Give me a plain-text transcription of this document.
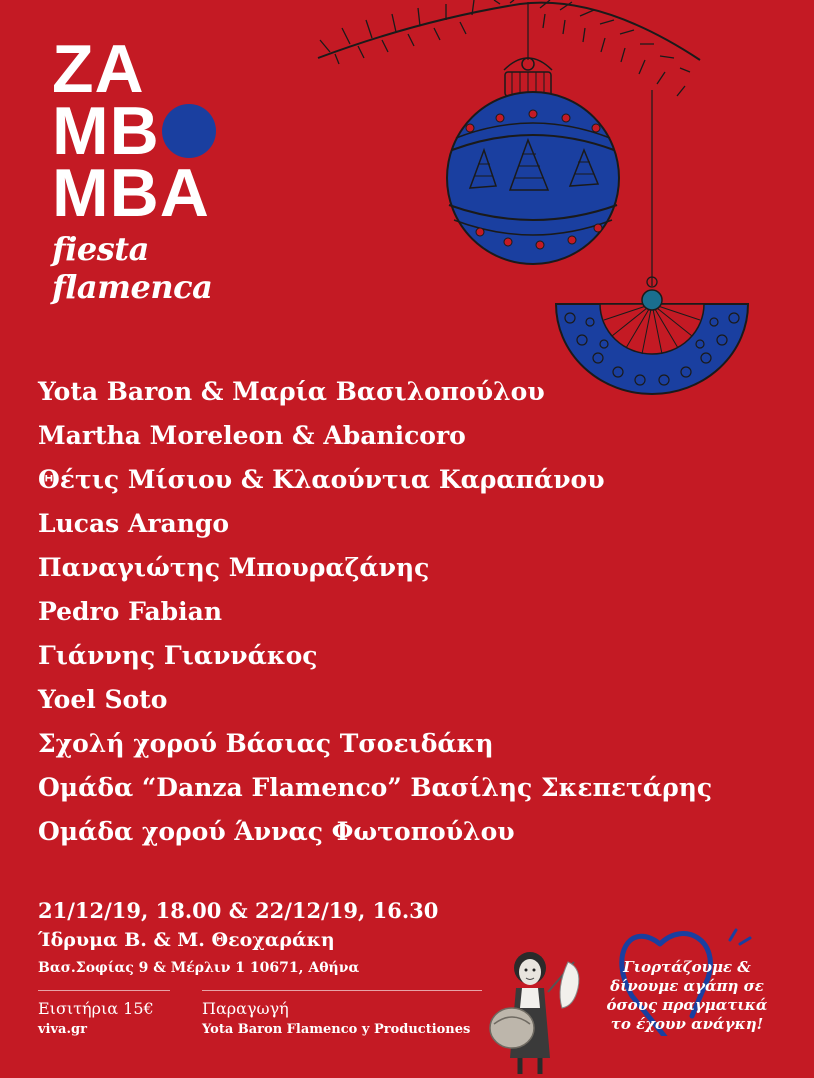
ZA
MB
MBA
fiesta flamenca
Yota Baron & Μαρία Βασιλοπούλου
Martha Moreleon & Abanicoro
Θέτις Μίσιου & Κλαούντια Καραπάνου
Lucas Arango
Παναγιώτης Μπουραζάνης
Pedro Fabian
Γιάννης Γιαννάκος
Yoel Soto
Σχολή χορού Βάσιας Τσοειδάκη
Ομάδα “Danza Flamenco” Βασίλης Σκεπετάρης
Ομάδα χορού Άννας Φωτοπούλου
21/12/19, 18.00 & 22/12/19, 16.30
Ίδρυμα Β. & Μ. Θεοχαράκη
Βασ.Σοφίας 9 & Μέρλιν 1 10671, Αθήνα
Εισιτήρια 15€
viva.gr
Παραγωγή
Yota Baron Flamenco y Productiones
Γιορτάζουμε &
δίνουμε αγάπη σε
όσους πραγματικά
το έχουν ανάγκη!
